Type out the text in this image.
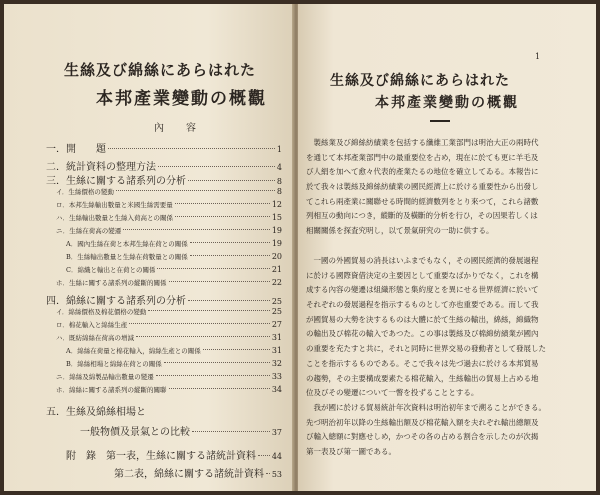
生絲及び綿絲にあらはれた
本邦產業變動の概觀
內　容
一．開　　題	1
二．統計資料の整理方法	4
三．生絲に關する諸系列の分析	8
イ．生絲價格の變動	8
ロ．本邦生絲輸出數量と米國生絲需要量	12
ハ．生絲輸出數量と生絲入荷高との關係	15
ニ．生絲在荷高の變遷	19
A．國內生絲在荷と本邦生絲在荷との關係	19
B．生絲輸出數量と生絲在荷數量との關係	20
C．綿織と輸出と在荷との關係	21
ホ．生絲に關する諸系列の縱斷的關係	22
四．綿絲に關する諸系列の分析	25
イ．綿絲價格及棉花價格の變動	25
ロ．棉花輸入と綿絲生產	27
ハ．既紡綿絲在荷高の增減	31
A．綿絲在荷量と棉花輸入，綿絲生產との關係	31
B．綿絲相場と綿絲在荷との關係	32
ニ．綿絲及綿製品輸出數量の變遷	33
ホ．綿絲に關する諸系列の縱斷的關聯	34
五．生絲及綿絲相場と
一般物價及景氣との比較	37
附　錄　第一表，生絲に關する諸統計資料 44
第二表，綿絲に關する諸統計資料 53
1
生絲及び綿絲にあらはれた
本邦產業變動の概觀
　製絲業及び綿絲紡績業を包括する纖維工業部門は明治大正の兩時代
を通じて本邦產業部門中の最重要位を占め，現在に於ても更に羊毛及
び人絹を加へて愈々代表的產業たるの地位を確立してゐる。本報告に
於て我々は製絲及綿絲紡績業の國民經濟上に於ける重要性から出發し
てこれら兩產業に關聯せる時間的經濟數列をとり來つて，これら諸數
列相互の動向につき，縱斷的及橫斷的分析を行ひ，その因果若しくは
相關關係を探査究明し，以て景氣研究の一助に供する。
　一國の外國貿易の消長はいふまでもなく，その國民經濟的發展過程
に於ける國際資借決定の主要因として重要なばかりでなく，これを構
成する內容の變遷は組織形態と集約度とを異にせる世界經濟に於いて
それぞれの發展過程を指示するものとして亦也重要である。而して我
が國貿易の大勢を決するものは大體に於て生絲の輸出，綿絲，綿織物
の輸出及び棉花の輸入であつた。この事は製絲及び棉綿紡績業が國內
の重要を充たすと共に，それと同時に世界交易の發動者として發展した
ことを指示するものである。そこで我々は先づ過去に於ける本邦貿易
の趨勢，その主要構成要素たる棉花輸入，生絲輸出の貿易上占める地
位及びその變遷について一瞥を投ずることとする。
　我が國に於ける貿易統計年次資料は明治初年まで溯ることができる。
先づ明治初年以降の生絲輸出額及び棉花輸入額を夫れぞれ輸出總額及
び輸入總額に對應せしめ，かつその各の占める割合を示したのが次揭
第一表及び第一圖である。
